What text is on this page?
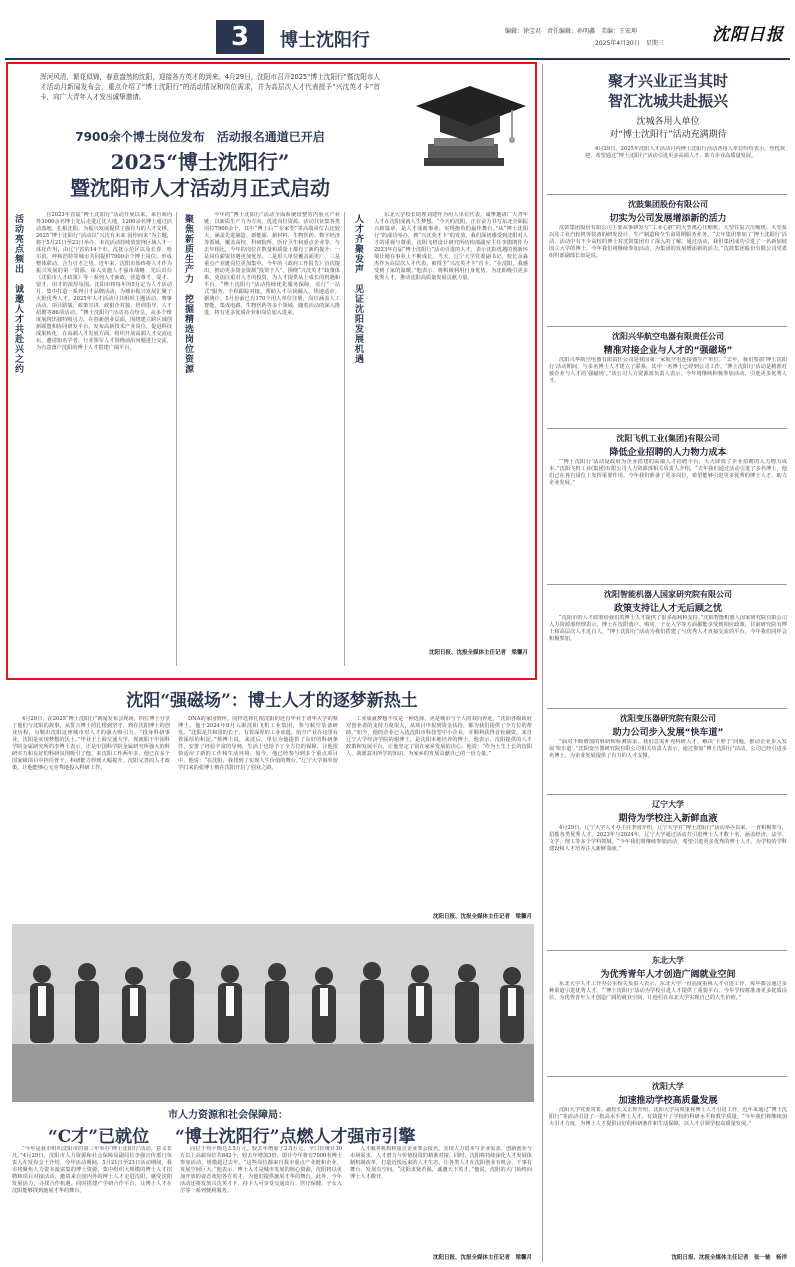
3	博士沈阳行	编辑：徐宝君　责任编辑：孙明鑫　美编：王宏坤
2025年4月30日　星期三	沈阳日报
浑河风清，繁花似锦，春意盎然的沈阳，迎接各方英才的到来。4月29日，沈阳市召开2025“博士沈阳行”暨沈阳市人才活动月新闻发布会，重点介绍了“博士沈阳行”的活动情况和岗位需求，并为高层次人才代表授予“兴沈英才卡”首卡，向广大青年人才发出诚挚邀请。
7900余个博士岗位发布　活动报名通道已开启
2025“博士沈阳行”
暨沈阳市人才活动月正式启动
活动亮点频出　诚邀人才共赴兴之约	自2023年首届“博士沈阳行”活动开展以来，来自海内外3000余名博士先后走进辽沈大地，1200余名博士通过活动落地，扎根沈阳，为振兴发展提供了强有力的人才支撑。2025“博士沈阳行”活动以“兴沈有未来 因你而来”为主题，将于5月21日至23日举办。本次活动持续放宽择区域人才一体化作用，由辽宁省的14个市、沈抚示范区以及长春、哈尔滨、呼和浩特等城市共同提供7900余个博士岗位，形成整体联动、合力引才之势。近年来，沈阳市始终将人才作为振兴发展的第一资源，深入实施人才强市战略，先后出台《沈阳市人才政策》等一系列人才新政，营造尊才、爱才、留才、用才的浓厚氛围。沈阳市将每年的5月定为人才活动月，集中打造一系列引才品牌活动，为城市振兴发展汇聚了大批优秀人才。2025年人才活动月共组织主题活动、赛事活动、项目路演、政策宣讲、政银企对接、培训指导、人才招聘等86项活动。“博士沈阳行”活动亮点纷呈，从多个维度展现出独特吸引力。在创新创业层面，围绕建立跨区域创新联盟和协同研发平台，发布高新技术产业岗位，促进科技成果转化；在高端人才发展方面，组织开展高端人才交流论坛，邀请知名学者、行业领军人才围绕前沿问题进行交流，为有意落户沈阳的博士人才搭建广阔平台。	聚焦新质生产力　挖掘精选岗位资源	今年的“博士沈阳行”活动全面系统盘整省内重点产业链，以新质生产力为方向，优选岗位资源。活动共征集各类岗位7900余个，其中“博士后”“专家型”等高端岗位占比较大，涵盖先进制造、新能源、新材料、生物医药、数字经济等领域，覆盖高校、科研院所、医疗卫生和重点企业等。与去年相比，今年的岗位在数量和质量上都有了新的提升：一是岗位薪资待遇更加优厚，二是用人单位覆盖面更广，三是重点产业链岗位更加集中。今年的《政府工作报告》首次提出，推动更多资金资源“投资于人”。围绕“兴沈英才”政策体系，更加注重对人才的投资，为人才提供从上成长的机遇和平台。“博士沈阳行”活动持续优化服务保障，实行“一站式”服务，全程跟踪对接，帮助人才尽快融入、快速适应。据统计，5月份前已有170个用人单位注册，岗位涵盖人工智能、集成电路、生物医药等多个领域。随着活动的深入推进，将有更多优质企业和岗位加入进来。	人才齐聚发声　见证沈阳发展机遇	东北大学校长助理刘建作为用人单位代表，诚挚邀请广大青年人才在沈阳成就人生梦想。“今天的沈阳，正在奋力书写东北全面振兴新篇章，是人才成就事业、实现抱负的最佳舞台。”从“博士沈阳行”的成功举办，到“兴沈英才卡”的发放，我们深切感受到沈阳对人才的重视与尊重。沈阳飞机设计研究所结构部副室主任李鹃鹃作为2023年首届“博士沈阳行”活动引进的人才，表示沈阳优越的创新环境让她在事业上不断成长。当天，辽宁大学党委副书记、校长余淼杰作为高层次人才代表，被授予“兴沈英才卡”首卡。“在沈阳，我感受到了家的温暖。”他表示，将积极利用自身优势，为沈阳吸引更多优秀人才，推动沈阳高质量发展贡献力量。
沈阳日报、沈报全媒体主任记者　梁馨月
沈阳“强磁场”：博士人才的逐梦新热土
4月29日，在2025“博士沈阳行”新闻发布会现场，四位博士分享了他们与沈阳的故事。从誓言博士的扎根到坚守，到在沈阳博士的创业历程，勾勒出沈阳这座城市对人才的强大吸引力。“投身科研事业，沈阳是实现梦想的沃土。”毕业于上海交通大学，现就职于中国科学院金属研究所的李博士表示，正是中国科学院金属研究所强大的科研实力和良好的科研氛围吸引了他。来沈阳工作两年多，他已在多个国家级项目中担任骨干，科研能力得到大幅提升。沈阳完善的人才政策，让他能够心无旁骛地投入科研工作。
DNA的家园情怀。同样选择扎根沈阳的还有毕业于清华大学的蔡博士。他于2024年8月入职沈阳飞机工业集团，参与航空装备研发。“沈阳是共和国的长子，有着深厚的工业底蕴，航空产业在这里有着深厚的积淀。”蔡博士说，来沈后，单位为他提供了良好的科研条件，安排了经验丰富的导师，生活上也给予了全方位的保障，让他很快适应了新的工作和生活环境。如今，他已经参与到多个重点项目中，他说：“在沈阳，我找到了实现人生价值的舞台。”辽宁大学海外留学归来的张博士则在沈阳开启了创业之路。
工业成就梦想不仅是一种选择，更是城市与个人的双向奔赴。“沈阳各级政府对创业者的支持力度很大，从项目申报到资金扶持，都为我们提供了全方位的帮助。”如今，他的企业已入选沈阳市科技型中小企业，并顺利获得首轮融资。来自辽宁大学经济学院的谢博士，是沈阳本地培养的博士。他表示，沈阳提供的人才政策和发展平台，让他坚定了留在家乡发展的决心。他说：“作为土生土长的沈阳人，我愿意用所学的知识，为家乡的发展贡献自己的一份力量。”
沈阳日报、沈报全媒体主任记者　梁馨月
市人力资源和社会保障局：
“C才”已就位 “博士沈阳行”点燃人才强市引擎
“今年是我市组织沈阳市的第三年举办‘博士沈阳行’活动，意义非凡。”4月29日，沈阳市人力资源和社会保障局副局长李强宣传部门负责人在发布会上介绍，今年活动期间，5月21日至23日活动期间，我市将聚焦人力资本最富集的博士资源，集中组织大规模的博士人才招聘和项目对接活动，邀请来自国内外的博士人才走进沈阳，感受沈阳发展活力，寻找合作机遇。同时搭建产学研合作平台，让博士人才在沈阳能够找到施展才华的舞台。
向位于均平衡达3.5万元。较去年增加了2.5万元，全口径统计30万以上高薪岗位共842个，较去年增加3倍。即计今年将有7000名博士参加活动，规模超过去年。“这些岗位都来自我市重点产业链和企业，发展空间巨大。”他表示，博士人才是城市发展的核心资源，沈阳将以更加开放的姿态欢迎各方英才，为他们提供施展才华的舞台。此外，今年活动还将发放兴沈英才卡，持卡人可享受交通出行、医疗保健、子女入学等一系列便利服务。
人才服务机构和重点企业参会报名，实现人力资本与企业需求、创新创业与市场需求、人才潜力与价值投资的精准对接。同时，沈阳将持续深化人才发展体制机制改革，打造近悦远来的人才生态，让各类人才在沈阳创业有机会、干事有舞台、发展有空间。“沈阳求贤若渴，诚邀天下英才。”他说，沈阳的大门始终向博士人才敞开。
沈阳日报、沈报全媒体主任记者　梁馨月
聚才兴业正当其时
智汇沈城共赴振兴
沈城各用人单位
对“博士沈阳行”活动充满期待
4月29日，2025年沈阳人才活动月内博士沈阳行活动各用人单位纷纷表示，热忱欢迎，希望通过“博士沈阳行”活动引进更多高端人才，助力企业高质量发展。
沈鼓集团股份有限公司
切实为公司发展增添新的活力
沈鼓集团股份有限公司主要从事研发与“工业心脏”的大型离心压缩机、大型往复式压缩机、大型泵以及工业汽轮机等装备的研发设计、生产制造和全生命周期服务业务。“去年集团参加了‘博士沈阳行’活动，活动中有不少高校的博士对沈鼓集团有了深入的了解。通过活动，我们集团成功引进了一名新加坡国立大学的博士。今年我们将继续参加活动，为集团的发展增添新的活力。”沈鼓集团股份有限公司党委组织部副部长如是说。
沈阳兴华航空电器有限责任公司
精准对接企业与人才的“强磁场”
沈阳兴华航空电器有限责任公司是我国第一家航空电连接器生产单位。“去年，我们参加‘博士沈阳行’活动期间，与多名博士人才建立了联系，其中一名博士已经到公司工作。‘博士沈阳行’活动是精准对接企业与人才的‘强磁场’。”该公司人力资源部负责人表示，今年将继续积极参加活动，引进更多优秀人才。
沈阳飞机工业(集团)有限公司
降低企业招聘的人力物力成本
“‘博士沈阳行’活动是政府为企业搭建的高端人才招聘平台，大大降低了企业招聘的人力物力成本。”沈阳飞机工业(集团)有限公司人力资源部相关负责人介绍，“去年我们通过活动引进了多名博士，他们已在各自岗位上发挥重要作用。今年我们准备了更多岗位，希望能够引进更多优秀的博士人才，助力企业发展。”
沈阳智能机器人国家研究院有限公司
政策支持让人才无后顾之忧
“沈阳市的人才政策给我们的博士人才提供了很多福利和支持。”沈阳智能机器人国家研究院有限公司人力资源部经理表示，博士在沈阳落户、购房、子女入学等方面都能享受到相应政策。目前研究院有博士和高层次人才近百人，“博士沈阳行”活动为我们搭建了与优秀人才直接交流的平台，今年我们同样会积极参加。
沈阳变压器研究院有限公司
助力公司步入发展“快车道”
“面对不断增加的科研和检测需求，我们急需补充科研人才，解决‘卡脖子’问题，推动企业步入发展‘快车道’。”沈阳变压器研究院有限公司相关负责人表示，通过参加“博士沈阳行”活动，公司已经引进多名博士，为企业发展提供了有力的人才支撑。
辽宁大学
期待为学校注入新鲜血液
4月29日，辽宁大学人才办主任李国介绍，辽宁大学自“博士沈阳行”活动举办以来，一直积极参与，招揽各类优秀人才。2023年与2024年，辽宁大学通过活动共引进博士人才数十名，涵盖经济、法学、文学、理工等多个学科领域。“今年我们将继续参加活动，希望引进更多优秀的博士人才，为学校的学科建设和人才培养注入新鲜血液。”
东北大学
为优秀青年人才创造广阔就业空间
东北大学人才工作办公室相关负责人表示，东北大学一直高度重视人才引进工作，每年都会通过多种渠道引进优秀人才。“‘博士沈阳行’活动为学校引进人才提供了重要平台，今年学校将准备更多优质岗位，为优秀青年人才创造广阔的就业空间，让他们在东北大学实现自己的人生价值。”
沈阳大学
加速推动学校高质量发展
沈阳大学党委常委、副校长关正辉介绍，沈阳大学高度重视博士人才引进工作，近年来通过“博士沈阳行”等活动引进了一批高水平博士人才，有效提升了学校的科研水平和教学质量。“今年我们将继续加大引才力度，为博士人才提供良好的科研条件和生活保障，以人才引领学校高质量发展。”
沈阳日报、沈报全媒体主任记者　张一驰　杨洋
